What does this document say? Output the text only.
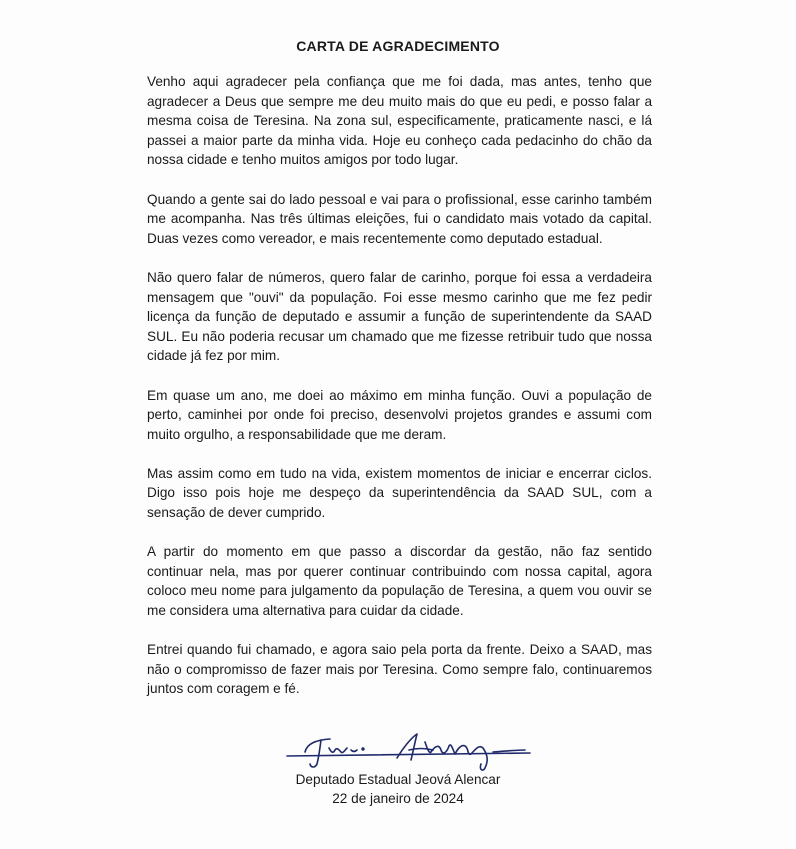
CARTA DE AGRADECIMENTO

Venho aqui agradecer pela confiança que me foi dada, mas antes, tenho que agradecer a Deus que sempre me deu muito mais do que eu pedi, e posso falar a mesma coisa de Teresina. Na zona sul, especificamente, praticamente nasci, e lá passei a maior parte da minha vida. Hoje eu conheço cada pedacinho do chão da nossa cidade e tenho muitos amigos por todo lugar.

Quando a gente sai do lado pessoal e vai para o profissional, esse carinho também me acompanha. Nas três últimas eleições, fui o candidato mais votado da capital. Duas vezes como vereador, e mais recentemente como deputado estadual.

Não quero falar de números, quero falar de carinho, porque foi essa a verdadeira mensagem que "ouvi" da população. Foi esse mesmo carinho que me fez pedir licença da função de deputado e assumir a função de superintendente da SAAD SUL. Eu não poderia recusar um chamado que me fizesse retribuir tudo que nossa cidade já fez por mim.

Em quase um ano, me doei ao máximo em minha função. Ouvi a população de perto, caminhei por onde foi preciso, desenvolvi projetos grandes e assumi com muito orgulho, a responsabilidade que me deram.

Mas assim como em tudo na vida, existem momentos de iniciar e encerrar ciclos. Digo isso pois hoje me despeço da superintendência da SAAD SUL, com a sensação de dever cumprido.

A partir do momento em que passo a discordar da gestão, não faz sentido continuar nela, mas por querer continuar contribuindo com nossa capital, agora coloco meu nome para julgamento da população de Teresina, a quem vou ouvir se me considera uma alternativa para cuidar da cidade.

Entrei quando fui chamado, e agora saio pela porta da frente. Deixo a SAAD, mas não o compromisso de fazer mais por Teresina. Como sempre falo, continuaremos juntos com coragem e fé.

Deputado Estadual Jeová Alencar
22 de janeiro de 2024
